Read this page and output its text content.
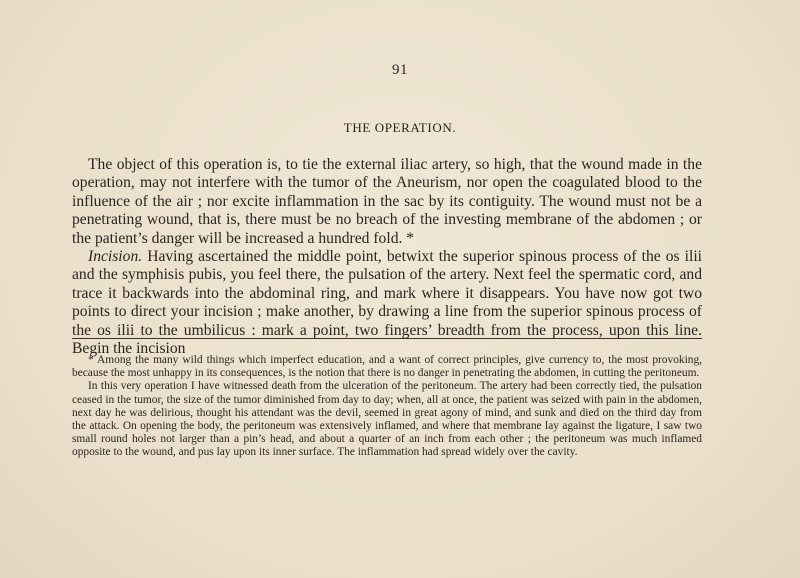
91
THE OPERATION.

The object of this operation is, to tie the external iliac artery, so high, that the wound made in the operation, may not interfere with the tumor of the Aneurism, nor open the coagulated blood to the influence of the air ; nor excite inflammation in the sac by its contiguity. The wound must not be a penetrating wound, that is, there must be no breach of the investing membrane of the abdomen ; or the patient’s danger will be increased a hundred fold. *

Incision. Having ascertained the middle point, betwixt the superior spinous process of the os ilii and the symphisis pubis, you feel there, the pulsation of the artery. Next feel the spermatic cord, and trace it backwards into the abdominal ring, and mark where it disappears. You have now got two points to direct your incision ; make another, by drawing a line from the superior spinous process of the os ilii to the umbilicus : mark a point, two fingers’ breadth from the process, upon this line. Begin the incision

* Among the many wild things which imperfect education, and a want of correct principles, give currency to, the most provoking, because the most unhappy in its consequences, is the notion that there is no danger in penetrating the abdomen, in cutting the peritoneum.

In this very operation I have witnessed death from the ulceration of the peritoneum. The artery had been correctly tied, the pulsation ceased in the tumor, the size of the tumor diminished from day to day; when, all at once, the patient was seized with pain in the abdomen, next day he was delirious, thought his attendant was the devil, seemed in great agony of mind, and sunk and died on the third day from the attack. On opening the body, the peritoneum was extensively inflamed, and where that membrane lay against the ligature, I saw two small round holes not larger than a pin’s head, and about a quarter of an inch from each other ; the peritoneum was much inflamed opposite to the wound, and pus lay upon its inner surface. The inflammation had spread widely over the cavity.
